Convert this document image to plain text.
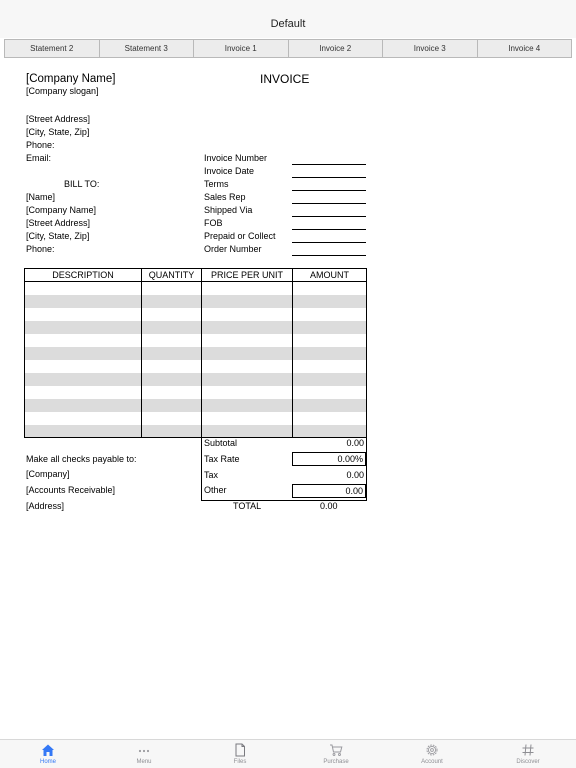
Default
Statement 2	Statement 3	Invoice 1	Invoice 2	Invoice 3	Invoice 4
[Company Name]
[Company slogan]
INVOICE
[Street Address]
[City, State, Zip]
Phone:
Email:
BILL TO:
[Name]
[Company Name]
[Street Address]
[City, State, Zip]
Phone:
Invoice Number
Invoice Date
Terms
Sales Rep
Shipped Via
FOB
Prepaid or Collect
Order Number
DESCRIPTION	QUANTITY	PRICE PER UNIT	AMOUNT
Subtotal	0.00
Tax Rate	0.00%
Tax	0.00
Other	0.00
TOTAL	0.00
Make all checks payable to:
[Company]
[Accounts Receivable]
[Address]
Home	Menu	Files	Purchase	Account	Discover
